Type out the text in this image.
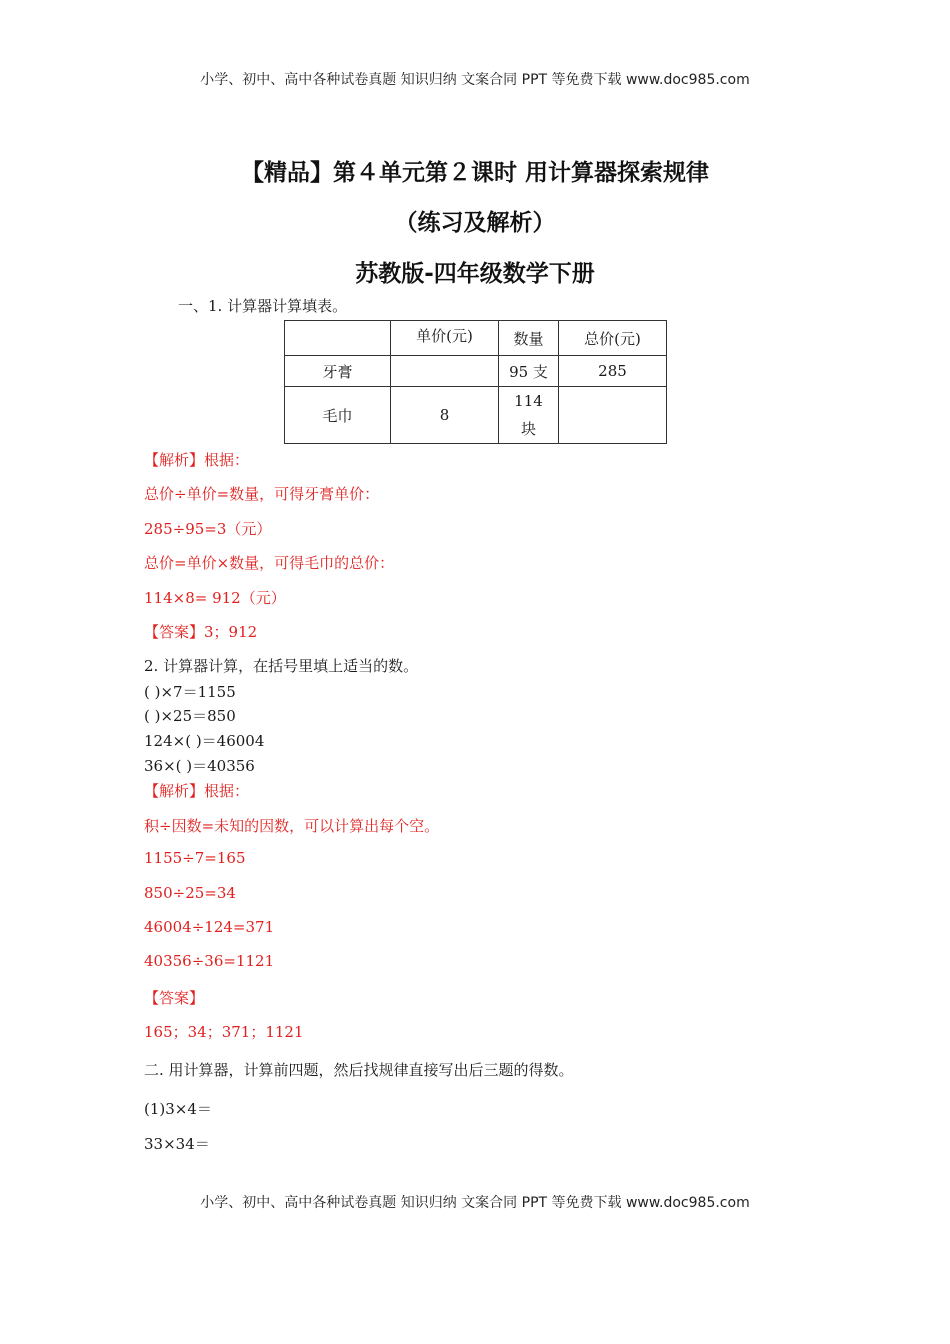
小学、初中、高中各种试卷真题 知识归纳 文案合同 PPT 等免费下载 www.doc985.com
【精品】第４单元第２课时 用计算器探索规律
（练习及解析）
苏教版-四年级数学下册
一、1. 计算器计算填表。
	单价(元)	数量	总价(元)
牙膏		95 支	285
毛巾	8	114 块	
【解析】根据：
总价÷单价=数量，可得牙膏单价：
285÷95=3（元）
总价=单价×数量，可得毛巾的总价：
114×8= 912（元）
【答案】3；912
2. 计算器计算，在括号里填上适当的数。
( )×7＝1155
( )×25＝850
124×( )＝46004
36×( )＝40356
【解析】根据：
积÷因数=未知的因数，可以计算出每个空。
1155÷7=165
850÷25=34
46004÷124=371
40356÷36=1121
【答案】
165；34；371；1121
二. 用计算器，计算前四题，然后找规律直接写出后三题的得数。
(1)3×4＝
33×34＝
小学、初中、高中各种试卷真题 知识归纳 文案合同 PPT 等免费下载 www.doc985.com
